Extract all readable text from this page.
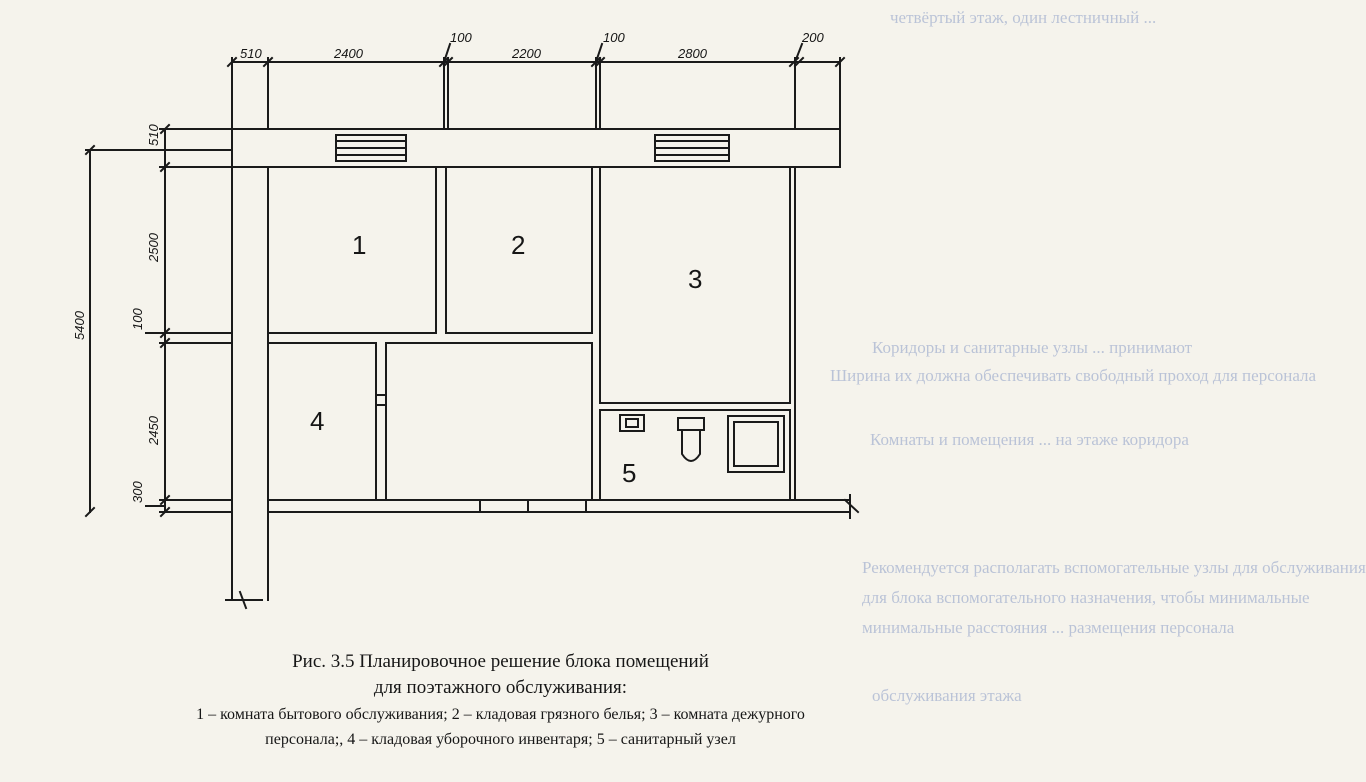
четвёртый этаж, один лестничный ...
Коридоры и санитарные узлы ... принимают
Ширина их должна обеспечивать свободный проход для персонала
Комнаты и помещения ... на этаже коридора
Рекомендуется располагать вспомогательные узлы для обслуживания
для блока вспомогательного назначения, чтобы минимальные
минимальные расстояния ... размещения персонала
обслуживания этажа
1	2
3
4
5
510	2400
100
2200
100
2800
200
510
2500
100
2450
300
5400
Рис. 3.5 Планировочное решение блока помещений
для поэтажного обслуживания:
1 – комната бытового обслуживания; 2 – кладовая грязного белья; 3 – комната дежурного
персонала;, 4 – кладовая уборочного инвентаря; 5 – санитарный узел
